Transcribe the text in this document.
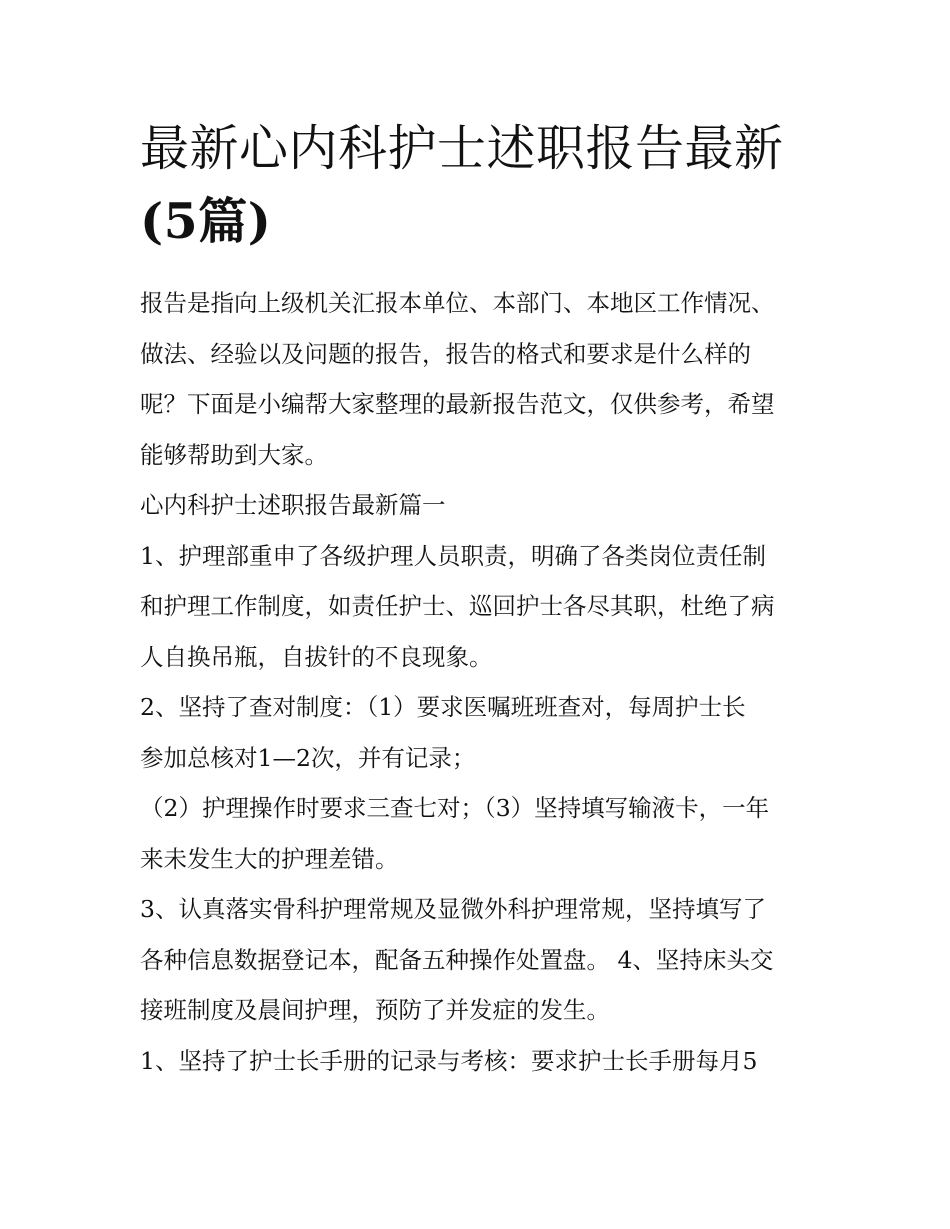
最新心内科护士述职报告最新
(5篇)
报告是指向上级机关汇报本单位、本部门、本地区工作情况、
做法、经验以及问题的报告，报告的格式和要求是什么样的
呢？下面是小编帮大家整理的最新报告范文，仅供参考，希望
能够帮助到大家。
心内科护士述职报告最新篇一
1、护理部重申了各级护理人员职责，明确了各类岗位责任制
和护理工作制度，如责任护士、巡回护士各尽其职，杜绝了病
人自换吊瓶，自拔针的不良现象。
2、坚持了查对制度：（1）要求医嘱班班查对，每周护士长
参加总核对1—2次，并有记录；
（2）护理操作时要求三查七对；（3）坚持填写输液卡，一年
来未发生大的护理差错。
3、认真落实骨科护理常规及显微外科护理常规，坚持填写了
各种信息数据登记本，配备五种操作处置盘。 4、坚持床头交
接班制度及晨间护理，预防了并发症的发生。
1、坚持了护士长手册的记录与考核：要求护士长手册每月5
